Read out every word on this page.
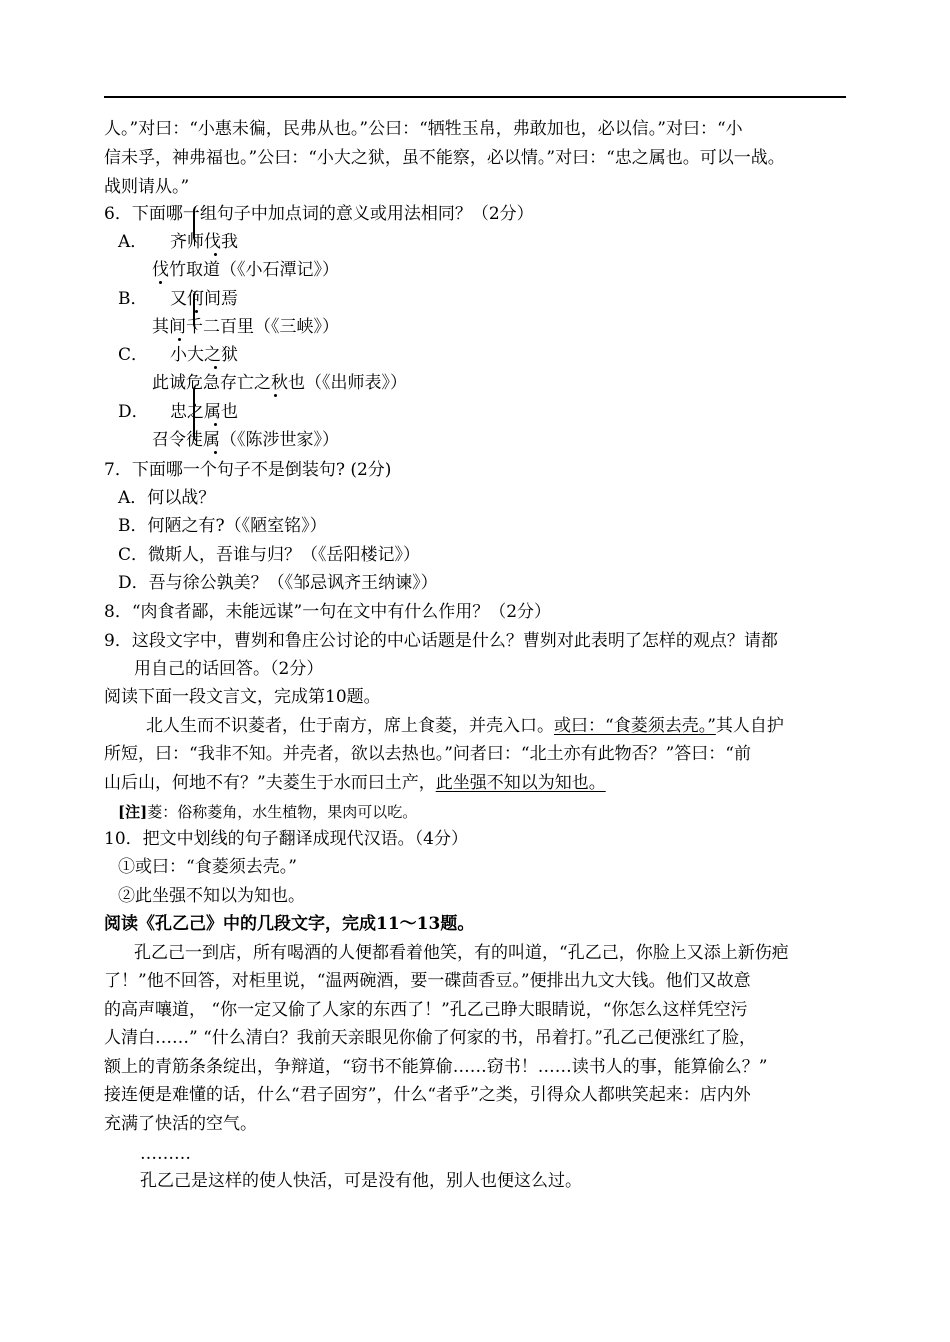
人。”对曰：“小惠未徧，民弗从也。”公曰：“牺牲玉帛，弗敢加也，必以信。”对曰：“小
信未孚，神弗福也。”公曰：“小大之狱，虽不能察，必以情。”对曰：“忠之属也。可以一战。
战则请从。”
6．下面哪一组句子中加点词的意义或用法相同？（2分）
A． 齐师伐我
伐竹取道（《小石潭记》）
B． 又何间焉
其间千二百里（《三峡》）
C． 小大之狱
此诚危急存亡之秋也（《出师表》）
D． 忠之属也
召令徒属（《陈涉世家》）
7．下面哪一个句子不是倒装句? (2分)
A．何以战？
B．何陋之有?（《陋室铭》）
C．微斯人，吾谁与归？（《岳阳楼记》）
D．吾与徐公孰美？（《邹忌讽齐王纳谏》）
8．“肉食者鄙，未能远谋”一句在文中有什么作用？（2分）
9．这段文字中，曹刿和鲁庄公讨论的中心话题是什么？曹刿对此表明了怎样的观点？请都
用自己的话回答。（2分）
阅读下面一段文言文，完成第10题。
北人生而不识菱者，仕于南方，席上食菱，并壳入口。或曰：“食菱须去壳。”其人自护
所短，曰：“我非不知。并壳者，欲以去热也。”问者曰：“北土亦有此物否？”答曰：“前
山后山，何地不有？”夫菱生于水而曰土产，此坐强不知以为知也。
[注]菱：俗称菱角，水生植物，果肉可以吃。
10．把文中划线的句子翻译成现代汉语。（4分）
①或曰：“食菱须去壳。”
②此坐强不知以为知也。
阅读《孔乙己》中的几段文字，完成11～13题。
孔乙己一到店，所有喝酒的人便都看着他笑，有的叫道，“孔乙己，你脸上又添上新伤疤
了！”他不回答，对柜里说，“温两碗酒，要一碟茴香豆。”便排出九文大钱。他们又故意
的高声嚷道， “你一定又偷了人家的东西了！”孔乙己睁大眼睛说，“你怎么这样凭空污
人清白……” “什么清白？我前天亲眼见你偷了何家的书，吊着打。”孔乙己便涨红了脸，
额上的青筋条条绽出，争辩道，“窃书不能算偷……窃书！……读书人的事，能算偷么？”
接连便是难懂的话，什么“君子固穷”，什么“者乎”之类，引得众人都哄笑起来：店内外
充满了快活的空气。
………
孔乙己是这样的使人快活，可是没有他，别人也便这么过。
